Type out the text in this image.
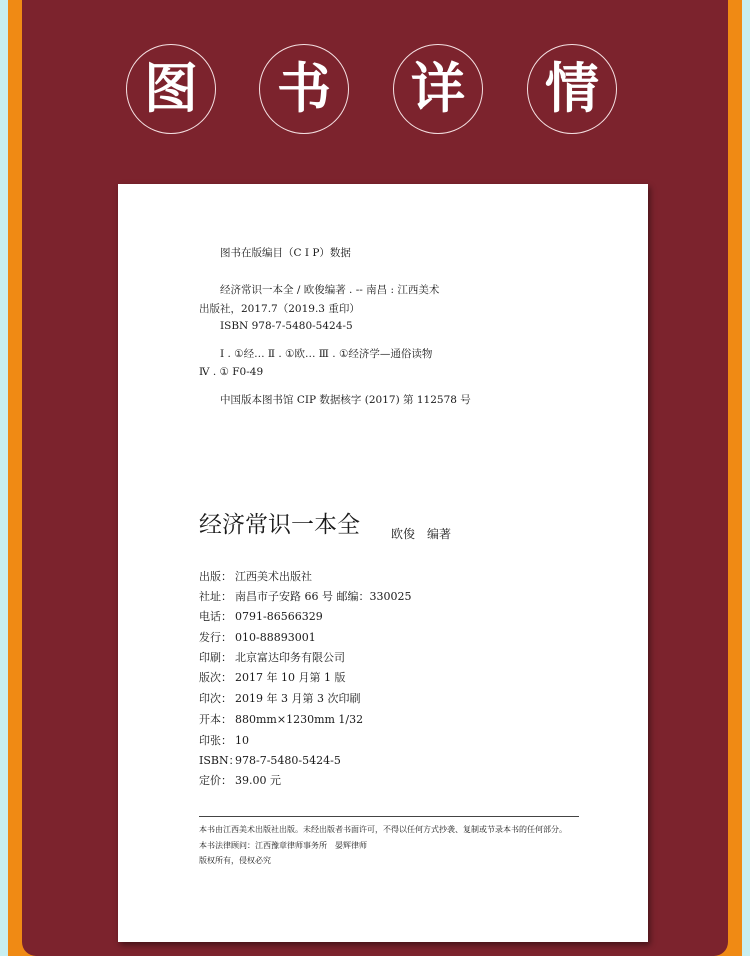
图 书 详 情
图书在版编目（C I P）数据
经济常识一本全 / 欧俊编著 . -- 南昌 : 江西美术
出版社，2017.7（2019.3 重印）
ISBN 978-7-5480-5424-5
Ⅰ . ①经… Ⅱ . ①欧… Ⅲ . ①经济学—通俗读物
Ⅳ . ① F0-49
中国版本图书馆 CIP 数据核字 (2017) 第 112578 号
经济常识一本全	欧俊　编著
出版： 江西美术出版社
社址： 南昌市子安路 66 号 邮编：330025
电话： 0791-86566329
发行： 010-88893001
印刷： 北京富达印务有限公司
版次： 2017 年 10 月第 1 版
印次： 2019 年 3 月第 3 次印刷
开本： 880mm×1230mm 1/32
印张： 10
ISBN：978-7-5480-5424-5
定价： 39.00 元
本书由江西美术出版社出版。未经出版者书面许可，不得以任何方式抄袭、复制或节录本书的任何部分。
本书法律顾问：江西豫章律师事务所　晏辉律师
版权所有，侵权必究
